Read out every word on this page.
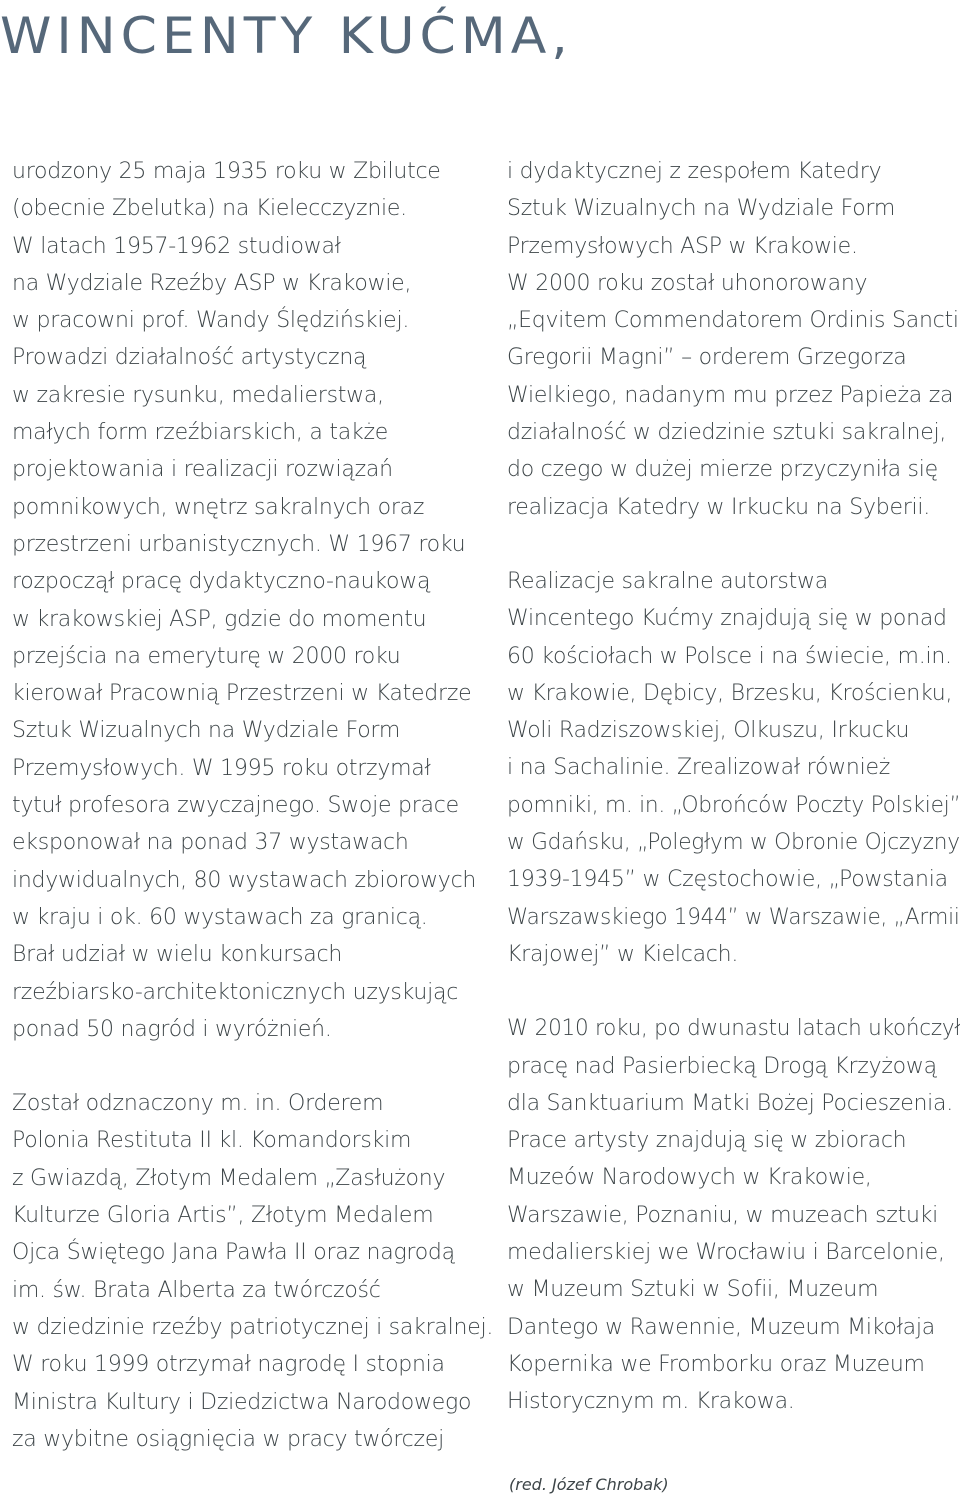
WINCENTY KUĆMA,

urodzony 25 maja 1935 roku w Zbilutce
(obecnie Zbelutka) na Kielecczyznie.
W latach 1957-1962 studiował
na Wydziale Rzeźby ASP w Krakowie,
w pracowni prof. Wandy Ślędzińskiej.
Prowadzi działalność artystyczną
w zakresie rysunku, medalierstwa,
małych form rzeźbiarskich, a także
projektowania i realizacji rozwiązań
pomnikowych, wnętrz sakralnych oraz
przestrzeni urbanistycznych. W 1967 roku
rozpoczął pracę dydaktyczno-naukową
w krakowskiej ASP, gdzie do momentu
przejścia na emeryturę w 2000 roku
kierował Pracownią Przestrzeni w Katedrze
Sztuk Wizualnych na Wydziale Form
Przemysłowych. W 1995 roku otrzymał
tytuł profesora zwyczajnego. Swoje prace
eksponował na ponad 37 wystawach
indywidualnych, 80 wystawach zbiorowych
w kraju i ok. 60 wystawach za granicą.
Brał udział w wielu konkursach
rzeźbiarsko-architektonicznych uzyskując
ponad 50 nagród i wyróżnień.

Został odznaczony m. in. Orderem
Polonia Restituta II kl. Komandorskim
z Gwiazdą, Złotym Medalem „Zasłużony
Kulturze Gloria Artis”, Złotym Medalem
Ojca Świętego Jana Pawła II oraz nagrodą
im. św. Brata Alberta za twórczość
w dziedzinie rzeźby patriotycznej i sakralnej.
W roku 1999 otrzymał nagrodę I stopnia
Ministra Kultury i Dziedzictwa Narodowego
za wybitne osiągnięcia w pracy twórczej

i dydaktycznej z zespołem Katedry
Sztuk Wizualnych na Wydziale Form
Przemysłowych ASP w Krakowie.
W 2000 roku został uhonorowany
„Eqvitem Commendatorem Ordinis Sancti
Gregorii Magni” – orderem Grzegorza
Wielkiego, nadanym mu przez Papieża za
działalność w dziedzinie sztuki sakralnej,
do czego w dużej mierze przyczyniła się
realizacja Katedry w Irkucku na Syberii.

Realizacje sakralne autorstwa
Wincentego Kućmy znajdują się w ponad
60 kościołach w Polsce i na świecie, m.in.
w Krakowie, Dębicy, Brzesku, Krościenku,
Woli Radziszowskiej, Olkuszu, Irkucku
i na Sachalinie. Zrealizował również
pomniki, m. in. „Obrońców Poczty Polskiej”
w Gdańsku, „Poległym w Obronie Ojczyzny
1939-1945” w Częstochowie, „Powstania
Warszawskiego 1944” w Warszawie, „Armii
Krajowej” w Kielcach.

W 2010 roku, po dwunastu latach ukończył
pracę nad Pasierbiecką Drogą Krzyżową
dla Sanktuarium Matki Bożej Pocieszenia.
Prace artysty znajdują się w zbiorach
Muzeów Narodowych w Krakowie,
Warszawie, Poznaniu, w muzeach sztuki
medalierskiej we Wrocławiu i Barcelonie,
w Muzeum Sztuki w Sofii, Muzeum
Dantego w Rawennie, Muzeum Mikołaja
Kopernika we Fromborku oraz Muzeum
Historycznym m. Krakowa.

(red. Józef Chrobak)
